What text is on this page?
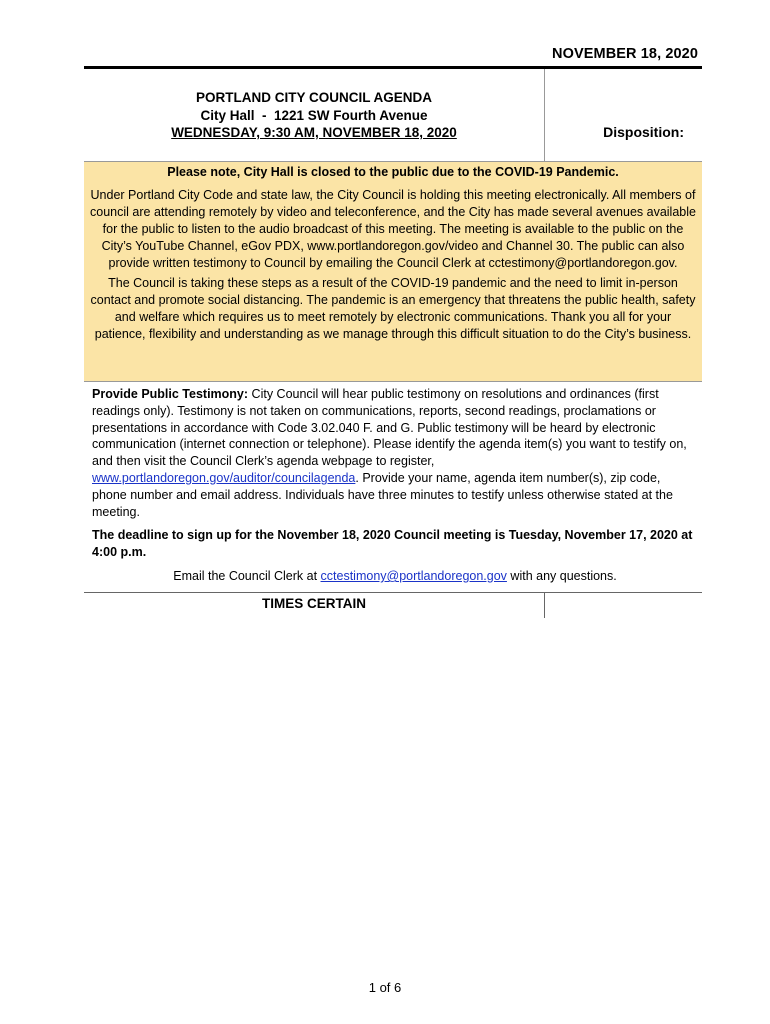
NOVEMBER 18, 2020
PORTLAND CITY COUNCIL AGENDA
City Hall  -  1221 SW Fourth Avenue
WEDNESDAY, 9:30 AM, NOVEMBER 18, 2020	Disposition:
Please note, City Hall is closed to the public due to the COVID-19 Pandemic.

Under Portland City Code and state law, the City Council is holding this meeting electronically. All members of council are attending remotely by video and teleconference, and the City has made several avenues available for the public to listen to the audio broadcast of this meeting. The meeting is available to the public on the City’s YouTube Channel, eGov PDX, www.portlandoregon.gov/video and Channel 30. The public can also provide written testimony to Council by emailing the Council Clerk at cctestimony@portlandoregon.gov.

The Council is taking these steps as a result of the COVID-19 pandemic and the need to limit in-person contact and promote social distancing. The pandemic is an emergency that threatens the public health, safety and welfare which requires us to meet remotely by electronic communications. Thank you all for your patience, flexibility and understanding as we manage through this difficult situation to do the City’s business.

Provide Public Testimony: City Council will hear public testimony on resolutions and ordinances (first readings only). Testimony is not taken on communications, reports, second readings, proclamations or presentations in accordance with Code 3.02.040 F. and G. Public testimony will be heard by electronic communication (internet connection or telephone). Please identify the agenda item(s) you want to testify on, and then visit the Council Clerk’s agenda webpage to register, www.portlandoregon.gov/auditor/councilagenda. Provide your name, agenda item number(s), zip code, phone number and email address. Individuals have three minutes to testify unless otherwise stated at the meeting.

The deadline to sign up for the November 18, 2020 Council meeting is Tuesday, November 17, 2020 at 4:00 p.m.

Email the Council Clerk at cctestimony@portlandoregon.gov with any questions.

TIMES CERTAIN
1 of 6
